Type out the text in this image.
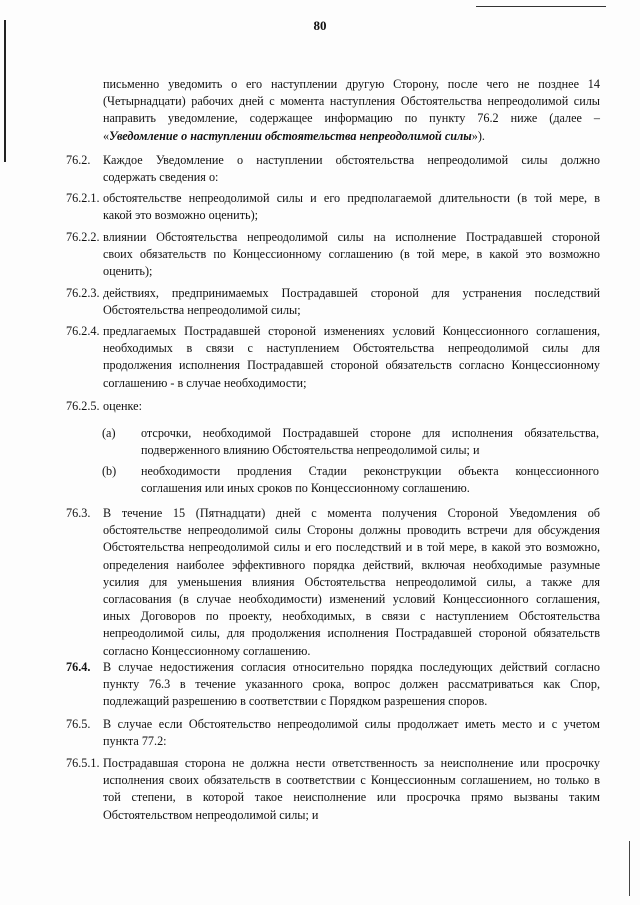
80
письменно уведомить о его наступлении другую Сторону, после чего не позднее 14
(Четырнадцати) рабочих дней с момента наступления Обстоятельства непреодолимой силы
направить уведомление, содержащее информацию по пункту 76.2 ниже (далее –
«Уведомление о наступлении обстоятельства непреодолимой силы»).
76.2. Каждое Уведомление о наступлении обстоятельства непреодолимой силы должно
содержать сведения о:
76.2.1. обстоятельстве непреодолимой силы и его предполагаемой длительности (в той мере, в
какой это возможно оценить);
76.2.2. влиянии Обстоятельства непреодолимой силы на исполнение Пострадавшей стороной
своих обязательств по Концессионному соглашению (в той мере, в какой это возможно
оценить);
76.2.3. действиях, предпринимаемых Пострадавшей стороной для устранения последствий
Обстоятельства непреодолимой силы;
76.2.4. предлагаемых Пострадавшей стороной изменениях условий Концессионного соглашения,
необходимых в связи с наступлением Обстоятельства непреодолимой силы для
продолжения исполнения Пострадавшей стороной обязательств согласно Концессионному
соглашению - в случае необходимости;
76.2.5. оценке:
(a) отсрочки, необходимой Пострадавшей стороне для исполнения обязательства,
подверженного влиянию Обстоятельства непреодолимой силы; и
(b) необходимости продления Стадии реконструкции объекта концессионного
соглашения или иных сроков по Концессионному соглашению.
76.3. В течение 15 (Пятнадцати) дней с момента получения Стороной Уведомления об
обстоятельстве непреодолимой силы Стороны должны проводить встречи для обсуждения
Обстоятельства непреодолимой силы и его последствий и в той мере, в какой это возможно,
определения наиболее эффективного порядка действий, включая необходимые разумные
усилия для уменьшения влияния Обстоятельства непреодолимой силы, а также для
согласования (в случае необходимости) изменений условий Концессионного соглашения,
иных Договоров по проекту, необходимых, в связи с наступлением Обстоятельства
непреодолимой силы, для продолжения исполнения Пострадавшей стороной обязательств
согласно Концессионному соглашению.
76.4. В случае недостижения согласия относительно порядка последующих действий согласно
пункту 76.3 в течение указанного срока, вопрос должен рассматриваться как Спор,
подлежащий разрешению в соответствии с Порядком разрешения споров.
76.5. В случае если Обстоятельство непреодолимой силы продолжает иметь место и с учетом
пункта 77.2:
76.5.1. Пострадавшая сторона не должна нести ответственность за неисполнение или просрочку
исполнения своих обязательств в соответствии с Концессионным соглашением, но только в
той степени, в которой такое неисполнение или просрочка прямо вызваны таким
Обстоятельством непреодолимой силы; и
